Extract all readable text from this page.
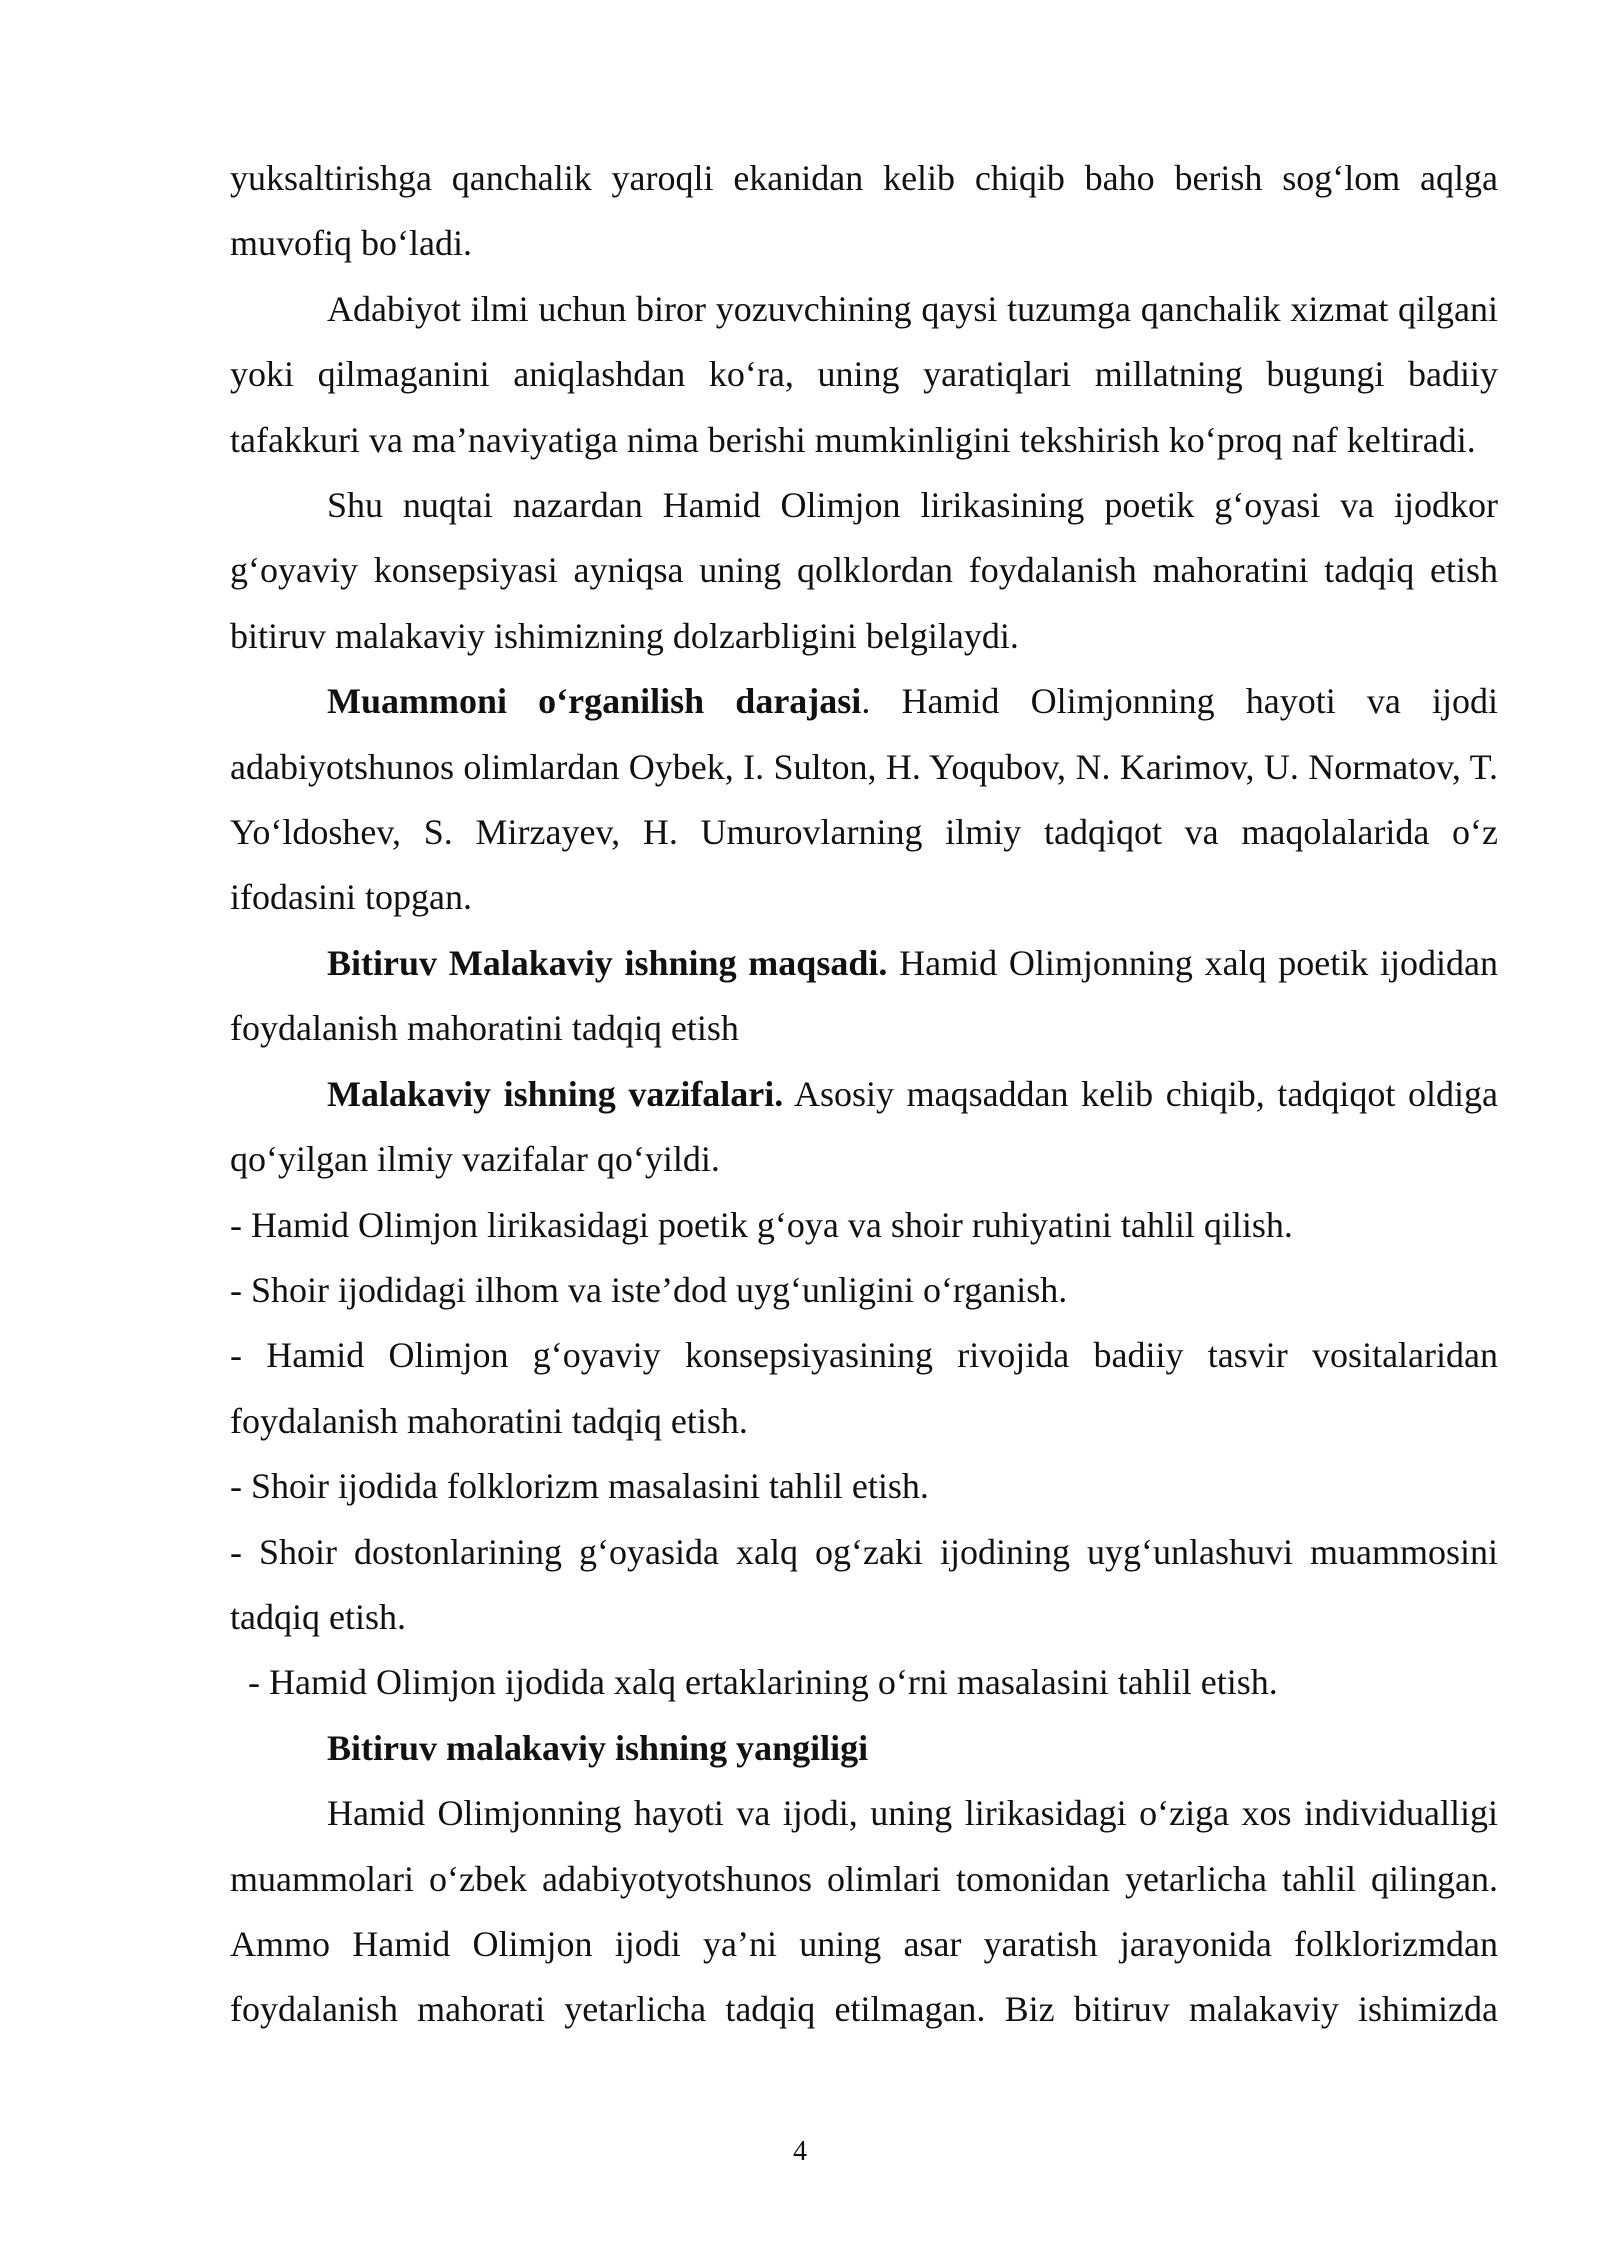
yuksaltirishga qanchalik yaroqli ekanidan kelib chiqib baho berish sog‘lom aqlga muvofiq bo‘ladi.

Adabiyot ilmi uchun biror yozuvchining qaysi tuzumga qanchalik xizmat qilgani yoki qilmaganini aniqlashdan ko‘ra, uning yaratiqlari millatning bugungi badiiy tafakkuri va ma’naviyatiga nima berishi mumkinligini tekshirish ko‘proq naf keltiradi.

Shu nuqtai nazardan Hamid Olimjon lirikasining poetik g‘oyasi va ijodkor g‘oyaviy konsepsiyasi ayniqsa uning qolklordan foydalanish mahoratini tadqiq etish bitiruv malakaviy ishimizning dolzarbligini belgilaydi.

Muammoni o‘rganilish darajasi. Hamid Olimjonning hayoti va ijodi adabiyotshunos olimlardan Oybek, I. Sulton, H. Yoqubov, N. Karimov, U. Normatov, T. Yo‘ldoshev, S. Mirzayev, H. Umurovlarning ilmiy tadqiqot va maqolalarida o‘z ifodasini topgan.

Bitiruv Malakaviy ishning maqsadi. Hamid Olimjonning xalq poetik ijodidan foydalanish mahoratini tadqiq etish

Malakaviy ishning vazifalari. Asosiy maqsaddan kelib chiqib, tadqiqot oldiga qo‘yilgan ilmiy vazifalar qo‘yildi.

- Hamid Olimjon lirikasidagi poetik g‘oya va shoir ruhiyatini tahlil qilish.

- Shoir ijodidagi ilhom va iste’dod uyg‘unligini o‘rganish.

- Hamid Olimjon g‘oyaviy konsepsiyasining rivojida badiiy tasvir vositalaridan foydalanish mahoratini tadqiq etish.

- Shoir ijodida folklorizm masalasini tahlil etish.

- Shoir dostonlarining g‘oyasida xalq og‘zaki ijodining uyg‘unlashuvi muammosini tadqiq etish.

- Hamid Olimjon ijodida xalq ertaklarining o‘rni masalasini tahlil etish.

Bitiruv malakaviy ishning yangiligi

Hamid Olimjonning hayoti va ijodi, uning lirikasidagi o‘ziga xos individualligi muammolari o‘zbek adabiyotyotshunos olimlari tomonidan yetarlicha tahlil qilingan. Ammo Hamid Olimjon ijodi ya’ni uning asar yaratish jarayonida folklorizmdan foydalanish mahorati yetarlicha tadqiq etilmagan. Biz bitiruv malakaviy ishimizda

4
